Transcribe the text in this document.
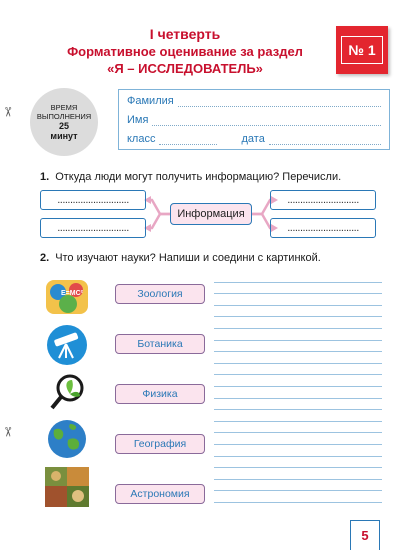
I четверть
Формативное оценивание за раздел
«Я – ИССЛЕДОВАТЕЛЬ»
№ 1
✂
✂
ВРЕМЯ
ВЫПОЛНЕНИЯ
25
минут
Фамилия
Имя
класс	дата
1. Откуда люди могут получить информацию? Перечисли.
............................
............................
............................
............................
Информация
2. Что изучают науки? Напиши и соедини с картинкой.
E=MC²	Зоология
Ботаника
Физика
География
Астрономия
5
